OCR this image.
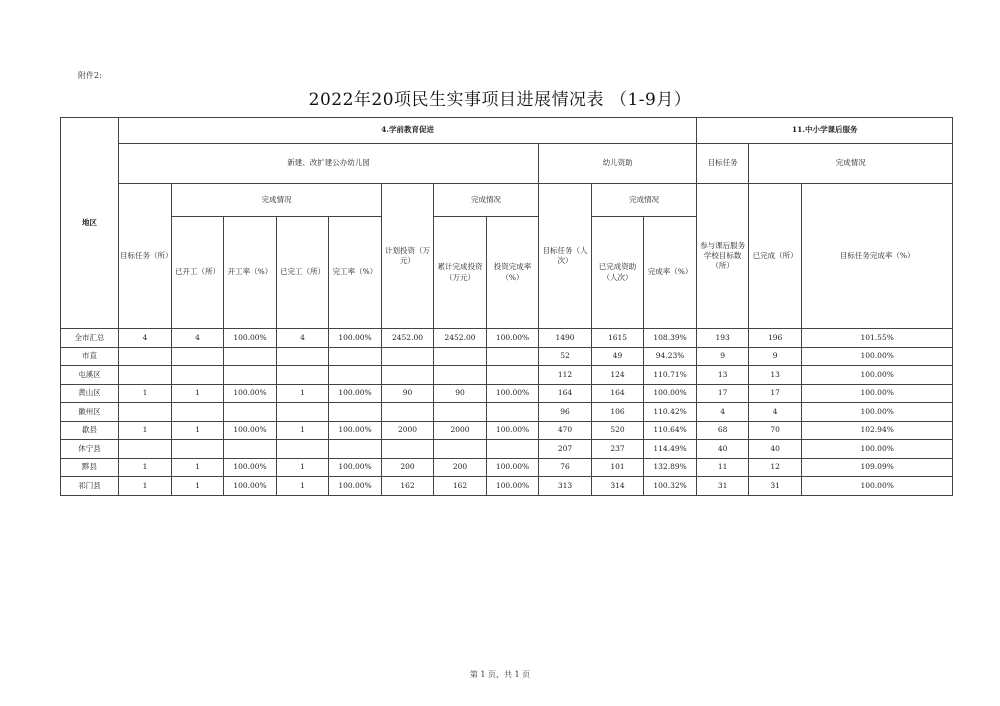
附件2:
2022年20项民生实事项目进展情况表 （1-9月）
地区	4.学前教育促进											11.中小学课后服务		
	新建、改扩建公办幼儿园								幼儿资助			目标任务	完成情况	
	目标任务（所）	完成情况				计划投资（万元）	完成情况		目标任务（人次）	完成情况		参与课后服务学校目标数（所）	已完成（所）	目标任务完成率（%）
		已开工（所）	开工率（%）	已完工（所）	完工率（%）		累计完成投资（万元）	投资完成率（%）		已完成资助（人次）	完成率（%）			
全市汇总	4	4	100.00%	4	100.00%	2452.00	2452.00	100.00%	1490	1615	108.39%	193	196	101.55%
市直									52	49	94.23%	9	9	100.00%
屯溪区									112	124	110.71%	13	13	100.00%
黄山区	1	1	100.00%	1	100.00%	90	90	100.00%	164	164	100.00%	17	17	100.00%
徽州区									96	106	110.42%	4	4	100.00%
歙县	1	1	100.00%	1	100.00%	2000	2000	100.00%	470	520	110.64%	68	70	102.94%
休宁县									207	237	114.49%	40	40	100.00%
黟县	1	1	100.00%	1	100.00%	200	200	100.00%	76	101	132.89%	11	12	109.09%
祁门县	1	1	100.00%	1	100.00%	162	162	100.00%	313	314	100.32%	31	31	100.00%
第 1 页，共 1 页
